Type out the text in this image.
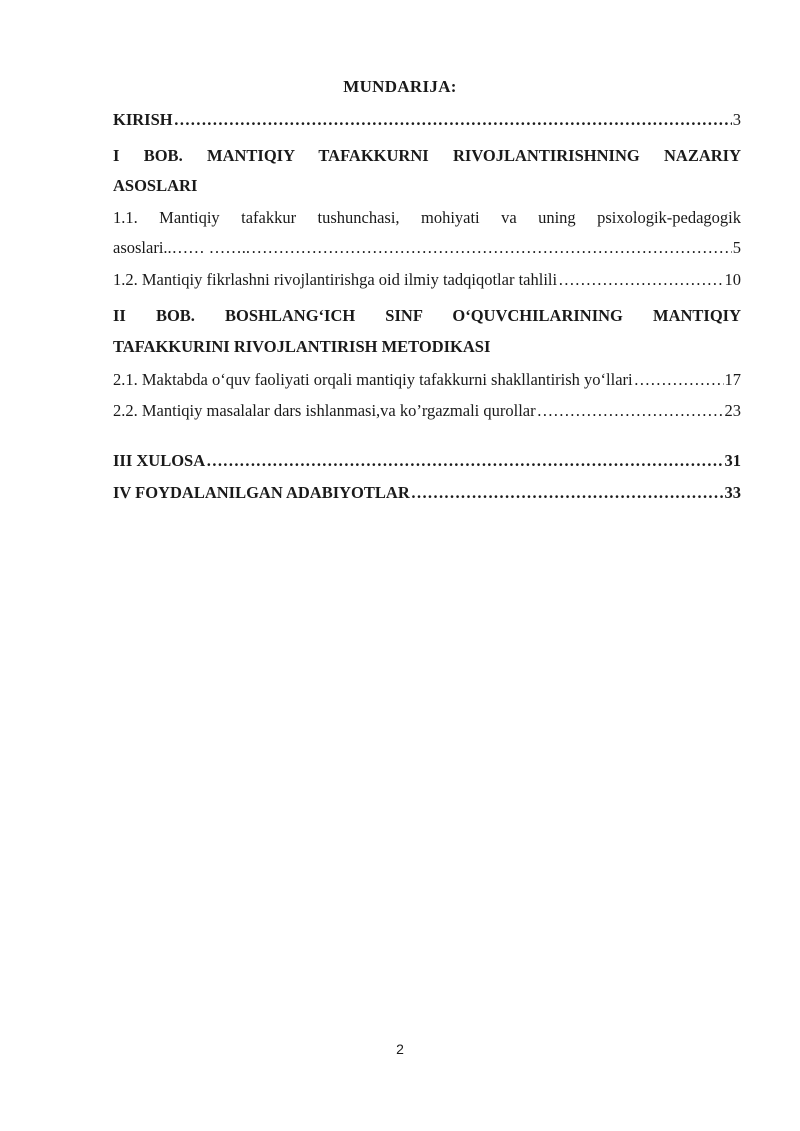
MUNDARIJA:
KIRISH ……………………………………………………………………………………………………………………………………………………………………………………………………………………………	3
I BOB. MANTIQIY TAFAKKURNI RIVOJLANTIRISHNING NAZARIY
ASOSLARI
1.1. Mantiqiy tafakkur tushunchasi, mohiyati va uning psixologik-pedagogik
asoslari..…… …….. ……………………………………………………………………………………………………………………………………………………………………………………………………………………………	5
1.2. Mantiqiy fikrlashni rivojlantirishga oid ilmiy tadqiqotlar tahlili ……………………………………………………………………………………………………………………………………………………………………………………………………………………………	10
II BOB. BOSHLANG‘ICH SINF O‘QUVCHILARINING MANTIQIY
TAFAKKURINI RIVOJLANTIRISH METODIKASI
2.1. Maktabda o‘quv faoliyati orqali mantiqiy tafakkurni shakllantirish yo‘llari ……………………………………………………………………………………………………………………………………………………………………………………………………………………………	17
2.2. Mantiqiy masalalar dars ishlanmasi,va ko’rgazmali qurollar ……………………………………………………………………………………………………………………………………………………………………………………………………………………………	23
III XULOSA ……………………………………………………………………………………………………………………………………………………………………………………………………………………………	31
IV FOYDALANILGAN ADABIYOTLAR ……………………………………………………………………………………………………………………………………………………………………………………………………………………………	33
2
